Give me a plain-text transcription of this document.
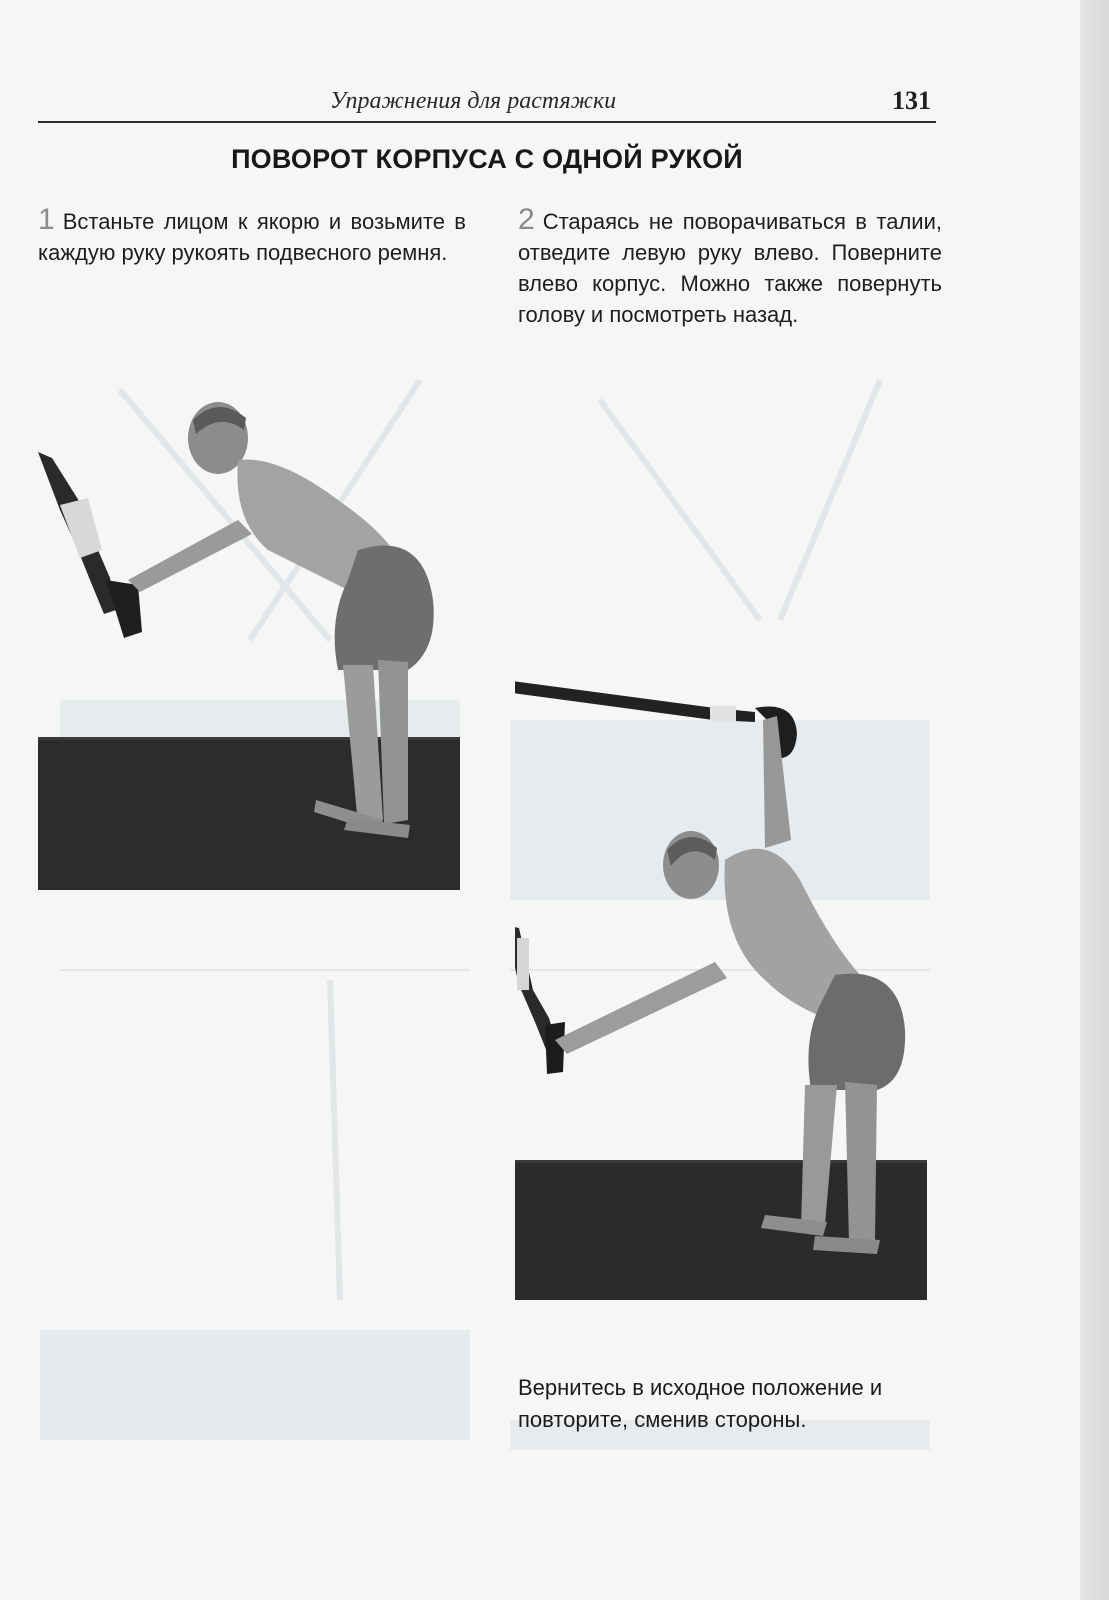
Упражнения для растяжки	131
ПОВОРОТ КОРПУСА С ОДНОЙ РУКОЙ
1 Встаньте лицом к якорю и возьмите в каждую руку рукоять подвесного ремня.
2 Стараясь не поворачиваться в талии, отведите левую руку влево. Поверните влево корпус. Можно также повернуть голову и посмотреть назад.
Вернитесь в исходное положение и повторите, сменив стороны.
